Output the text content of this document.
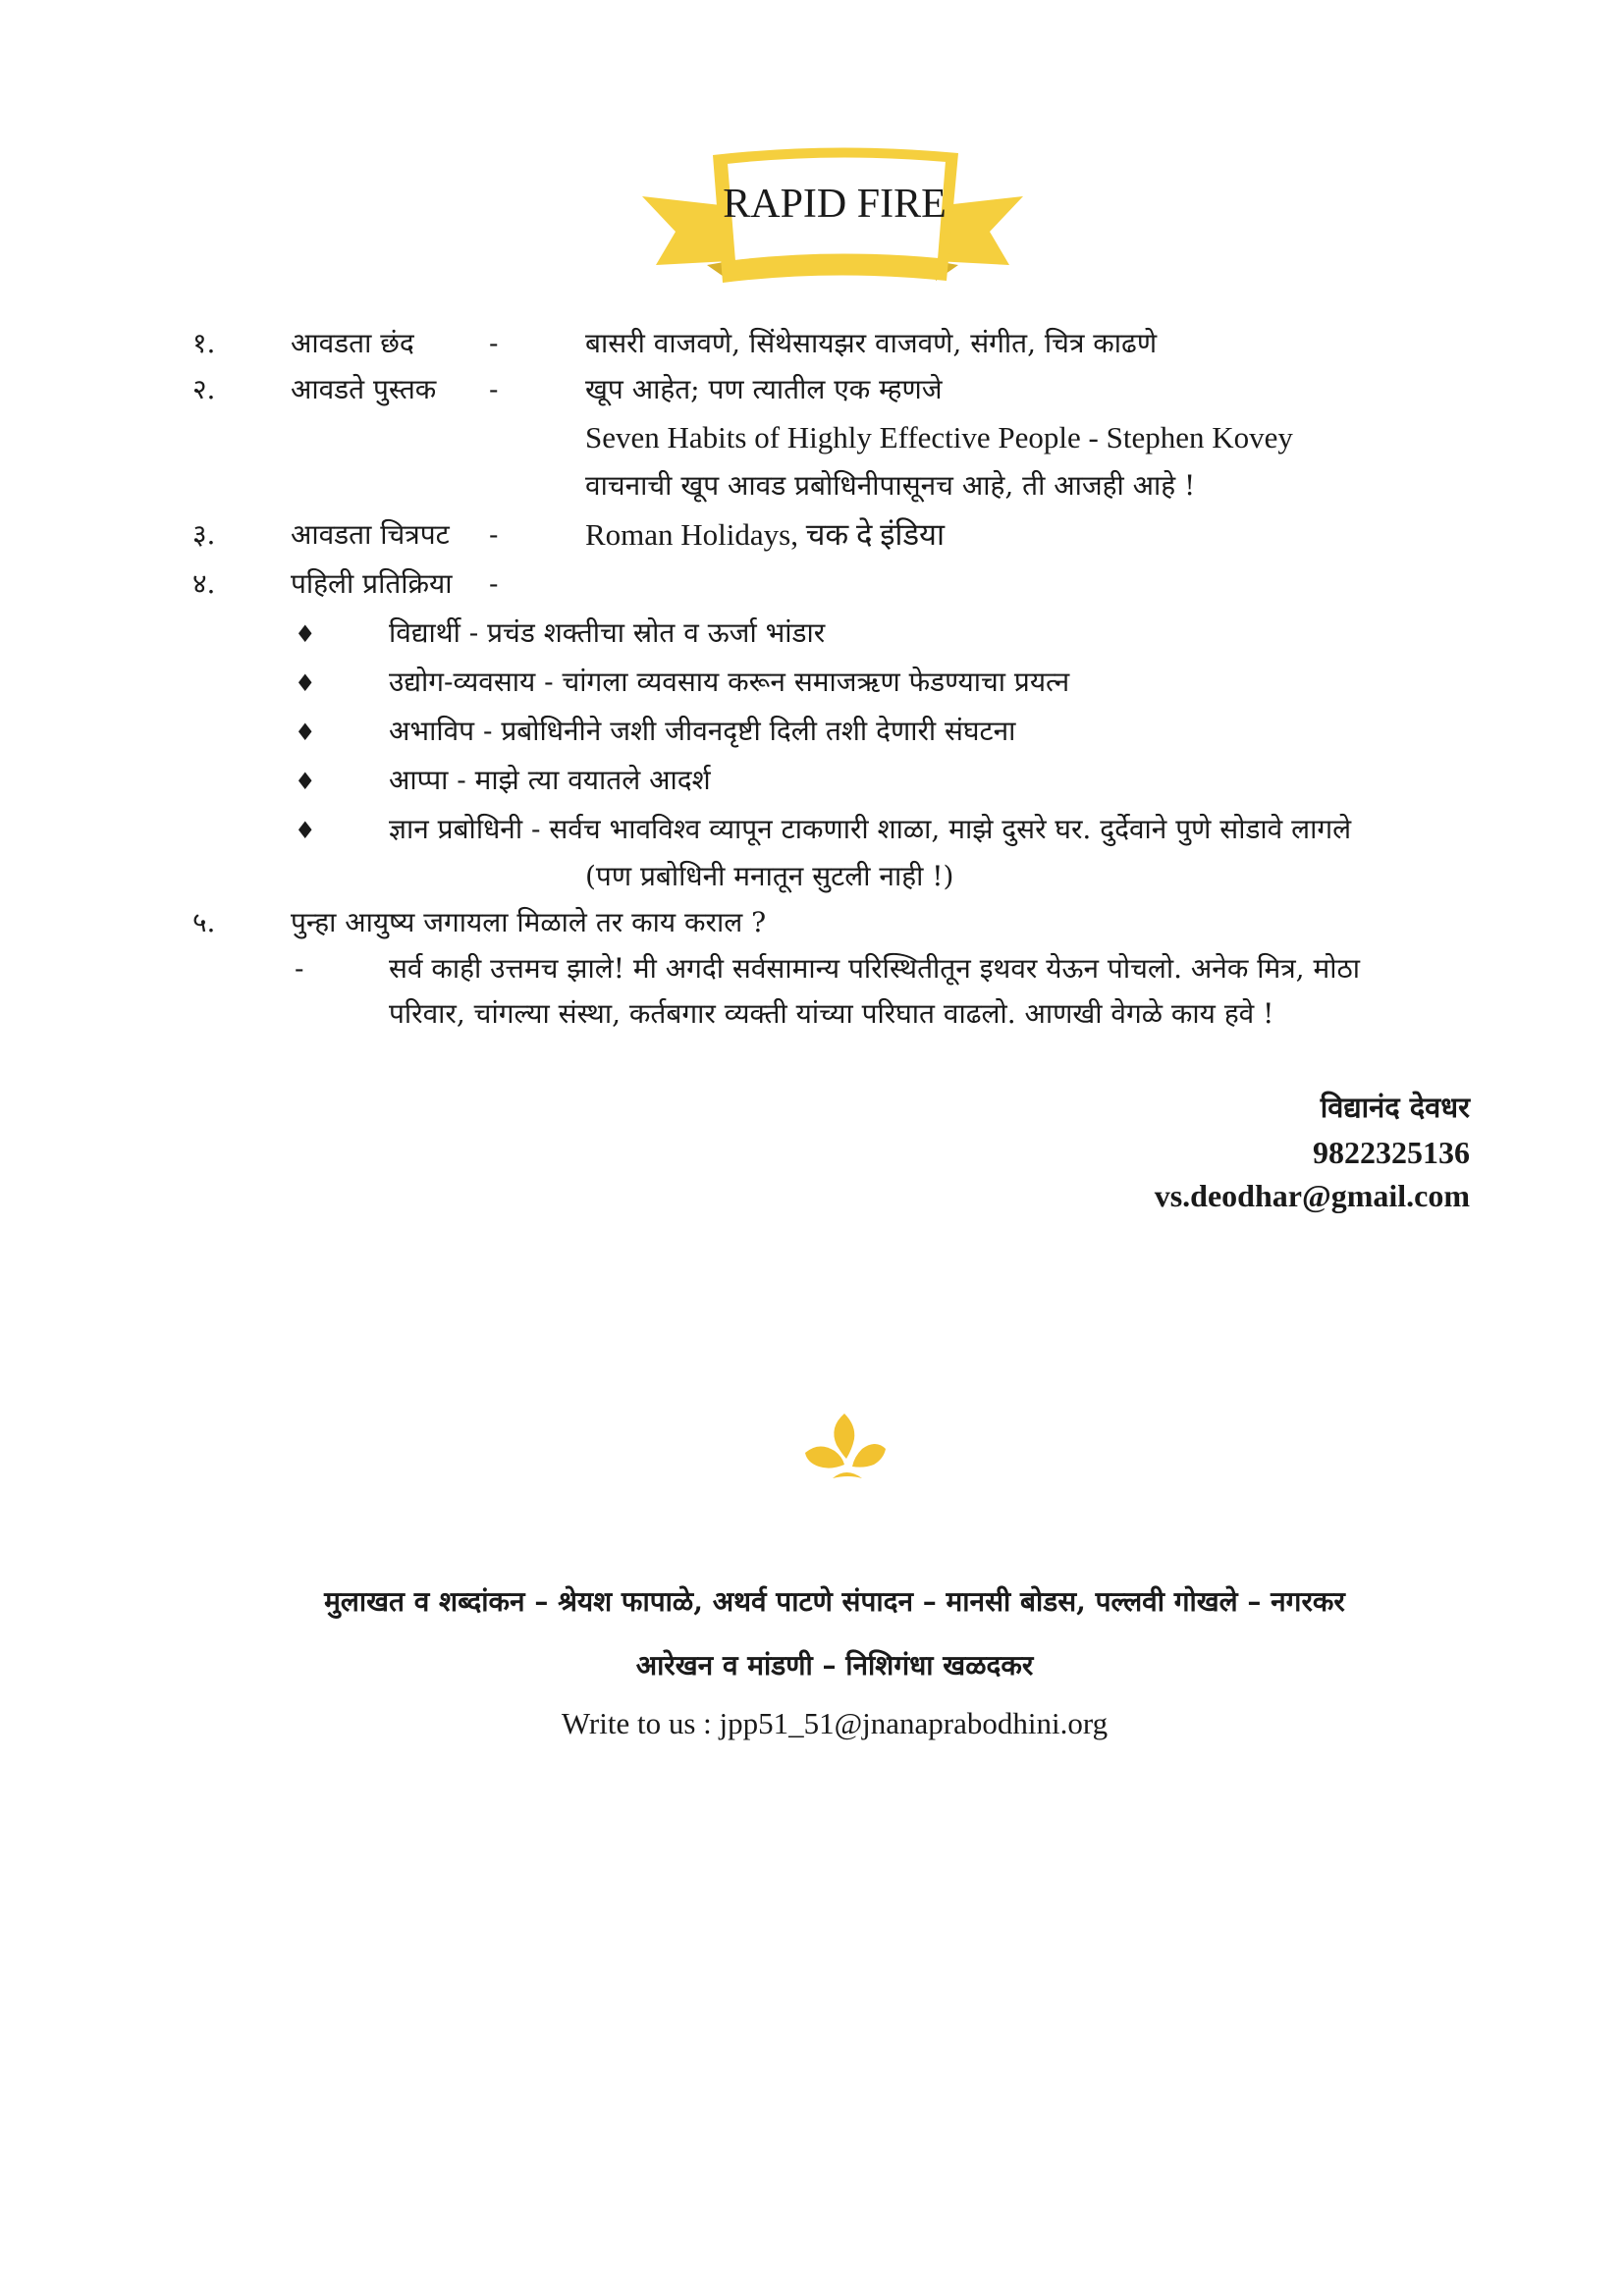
RAPID FIRE
१.	आवडता छंद	-	बासरी वाजवणे, सिंथेसायझर वाजवणे, संगीत, चित्र काढणे
२.	आवडते पुस्तक -	खूप आहेत; पण त्यातील एक म्हणजे
Seven Habits of Highly Effective People - Stephen Kovey
वाचनाची खूप आवड प्रबोधिनीपासूनच आहे, ती आजही आहे !
३.	आवडता चित्रपट -	Roman Holidays, चक दे इंडिया
४.	पहिली प्रतिक्रिया -
♦	विद्यार्थी - प्रचंड शक्तीचा स्रोत व ऊर्जा भांडार
♦	उद्योग-व्यवसाय - चांगला व्यवसाय करून समाजऋण फेडण्याचा प्रयत्न
♦	अभाविप - प्रबोधिनीने जशी जीवनदृष्टी दिली तशी देणारी संघटना
♦	आप्पा - माझे त्या वयातले आदर्श
♦	ज्ञान प्रबोधिनी - सर्वच भावविश्व व्यापून टाकणारी शाळा, माझे दुसरे घर. दुर्देवाने पुणे सोडावे लागले
(पण प्रबोधिनी मनातून सुटली नाही !)
५.	पुन्हा आयुष्य जगायला मिळाले तर काय कराल ?
-	सर्व काही उत्तमच झाले! मी अगदी सर्वसामान्य परिस्थितीतून इथवर येऊन पोचलो. अनेक मित्र, मोठा
परिवार, चांगल्या संस्था, कर्तबगार व्यक्ती यांच्या परिघात वाढलो. आणखी वेगळे काय हवे !
विद्यानंद देवधर
9822325136
vs.deodhar@gmail.com
मुलाखत व शब्दांकन – श्रेयश फापाळे, अथर्व पाटणे संपादन – मानसी बोडस, पल्लवी गोखले – नगरकर
आरेखन व मांडणी – निशिगंधा खळदकर
Write to us : jpp51_51@jnanaprabodhini.org
